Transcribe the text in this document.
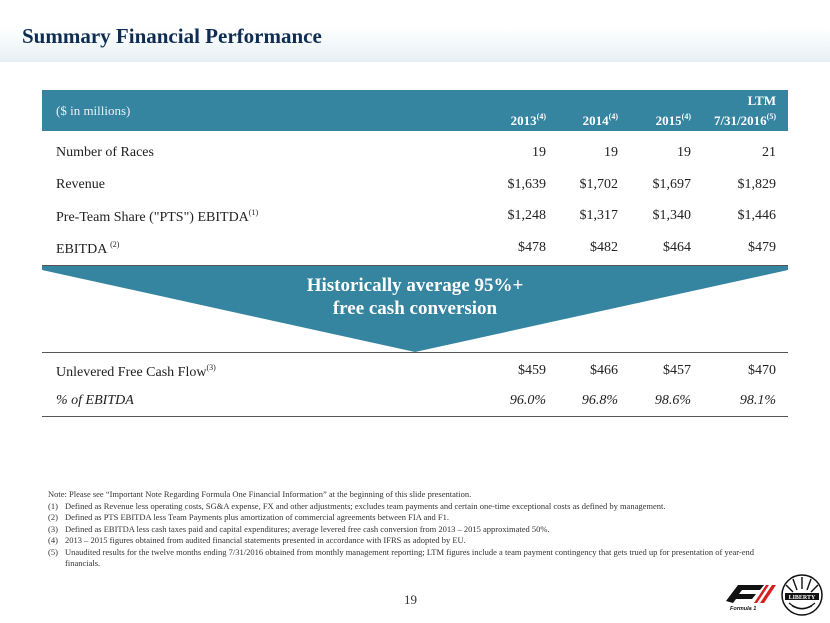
Summary Financial Performance
($ in millions)
LTM
2013$^{(4)}$	2014$^{(4)}$	2015$^{(4)}$ 7/31/2016$^{(5)}$
Number of Races	19	19	19	21
Revenue	$1,639 $1,702 $1,697	$1,829
Pre-Team Share ("PTS") EBITDA$^{(1)}$	$1,248 $1,317 $1,340	$1,446
EBITDA $^{(2)}$	$478	$482	$464	$479
Historically average 95%+
free cash conversion
Unlevered Free Cash Flow$^{(3)}$	$459	$466	$457	$470
% of EBITDA	96.0%	96.8%	98.6%	98.1%
Note: Please see “Important Note Regarding Formula One Financial Information” at the beginning of this slide presentation.
(1) Defined as Revenue less operating costs, SG&A expense, FX and other adjustments; excludes team payments and certain one-time exceptional costs as defined by management.
(2) Defined as PTS EBITDA less Team Payments plus amortization of commercial agreements between FIA and F1.
(3) Defined as EBITDA less cash taxes paid and capital expenditures; average levered free cash conversion from 2013 – 2015 approximated 50%.
(4) 2013 – 2015 figures obtained from audited financial statements presented in accordance with IFRS as adopted by EU.
(5) Unaudited results for the twelve months ending 7/31/2016 obtained from monthly management reporting; LTM figures include a team payment contingency that gets trued up for presentation of year-end financials.
19
Formula 1
LIBERTY
